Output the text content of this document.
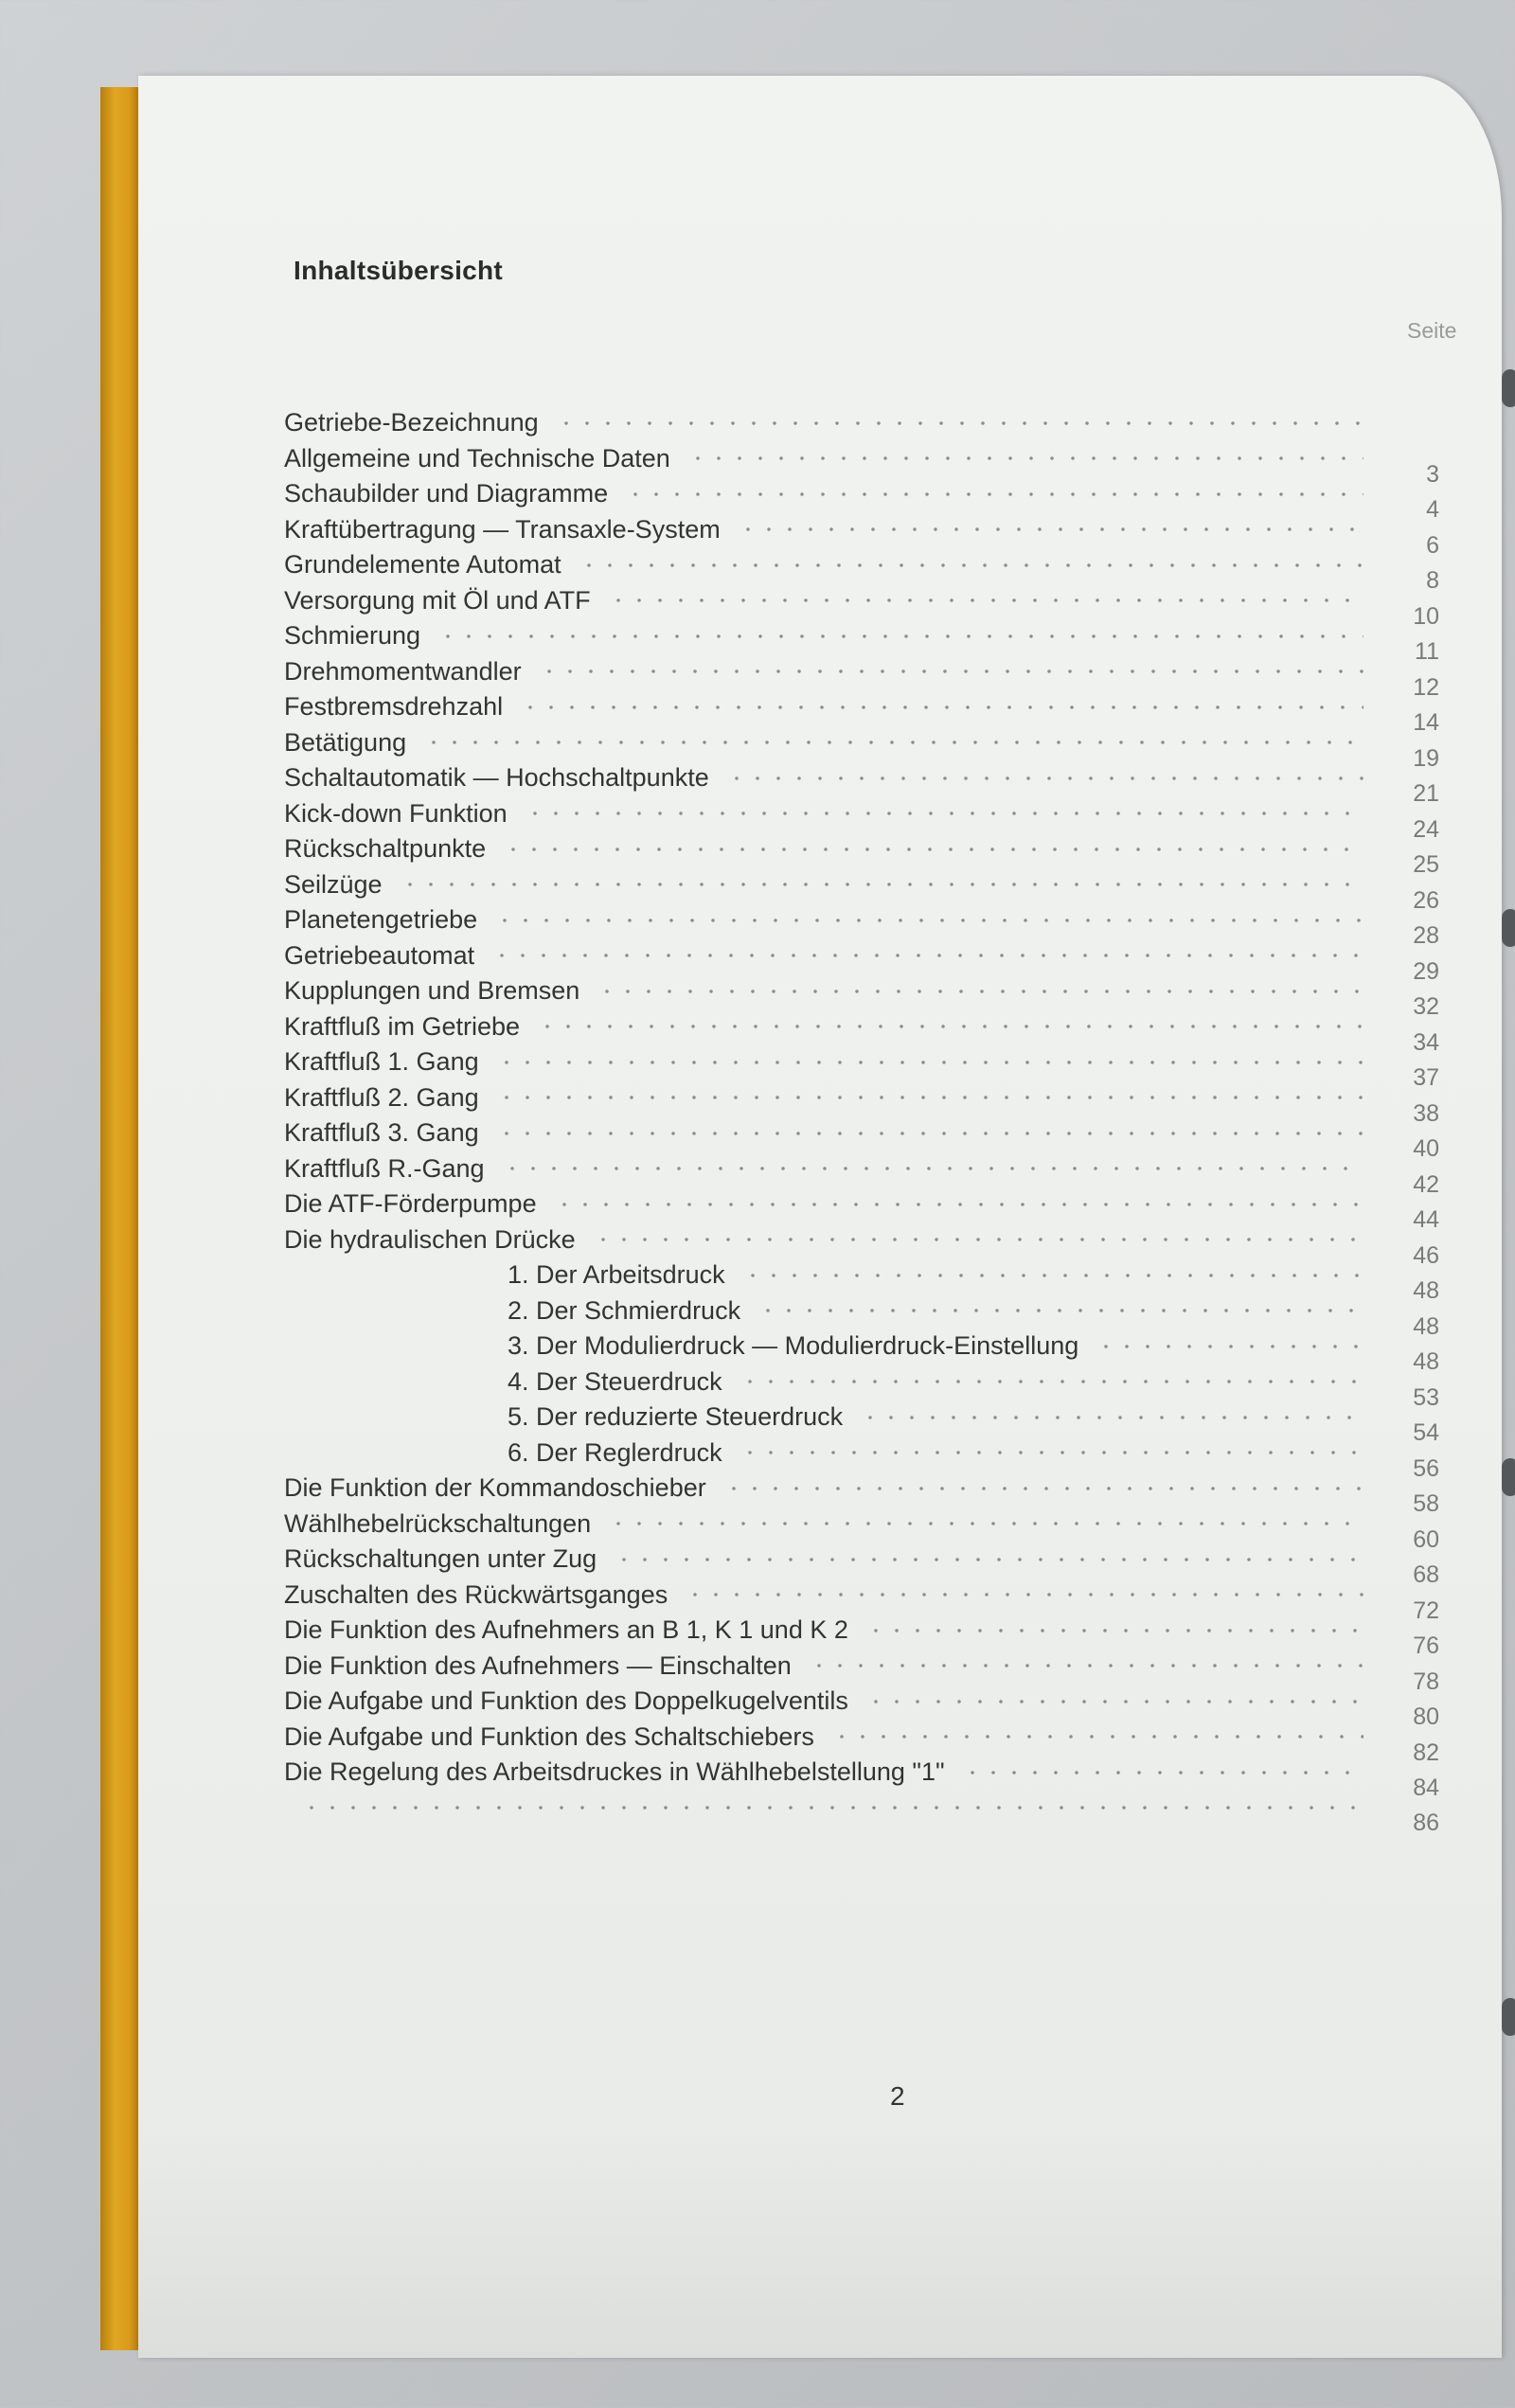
Inhaltsübersicht
Seite
Getriebe-Bezeichnung
Allgemeine und Technische Daten
3
Schaubilder und Diagramme
4
Kraftübertragung — Transaxle-System
6
Grundelemente Automat
8
Versorgung mit Öl und ATF
10
Schmierung
11
Drehmomentwandler
12
Festbremsdrehzahl
14
Betätigung
19
Schaltautomatik — Hochschaltpunkte
21
Kick-down Funktion
24
Rückschaltpunkte
25
Seilzüge
26
Planetengetriebe
28
Getriebeautomat
29
Kupplungen und Bremsen
32
Kraftfluß im Getriebe
34
Kraftfluß 1. Gang
37
Kraftfluß 2. Gang
38
Kraftfluß 3. Gang
40
Kraftfluß R.-Gang
42
Die ATF-Förderpumpe
44
Die hydraulischen Drücke
46
1. Der Arbeitsdruck
48
2. Der Schmierdruck
48
3. Der Modulierdruck — Modulierdruck-Einstellung
48
4. Der Steuerdruck
53
5. Der reduzierte Steuerdruck
54
6. Der Reglerdruck
56
Die Funktion der Kommandoschieber
58
Wählhebelrückschaltungen
60
Rückschaltungen unter Zug
68
Zuschalten des Rückwärtsganges
72
Die Funktion des Aufnehmers an B 1, K 1 und K 2
76
Die Funktion des Aufnehmers — Einschalten
78
Die Aufgabe und Funktion des Doppelkugelventils
80
Die Aufgabe und Funktion des Schaltschiebers
82
Die Regelung des Arbeitsdruckes in Wählhebelstellung "1"
84
86
2
